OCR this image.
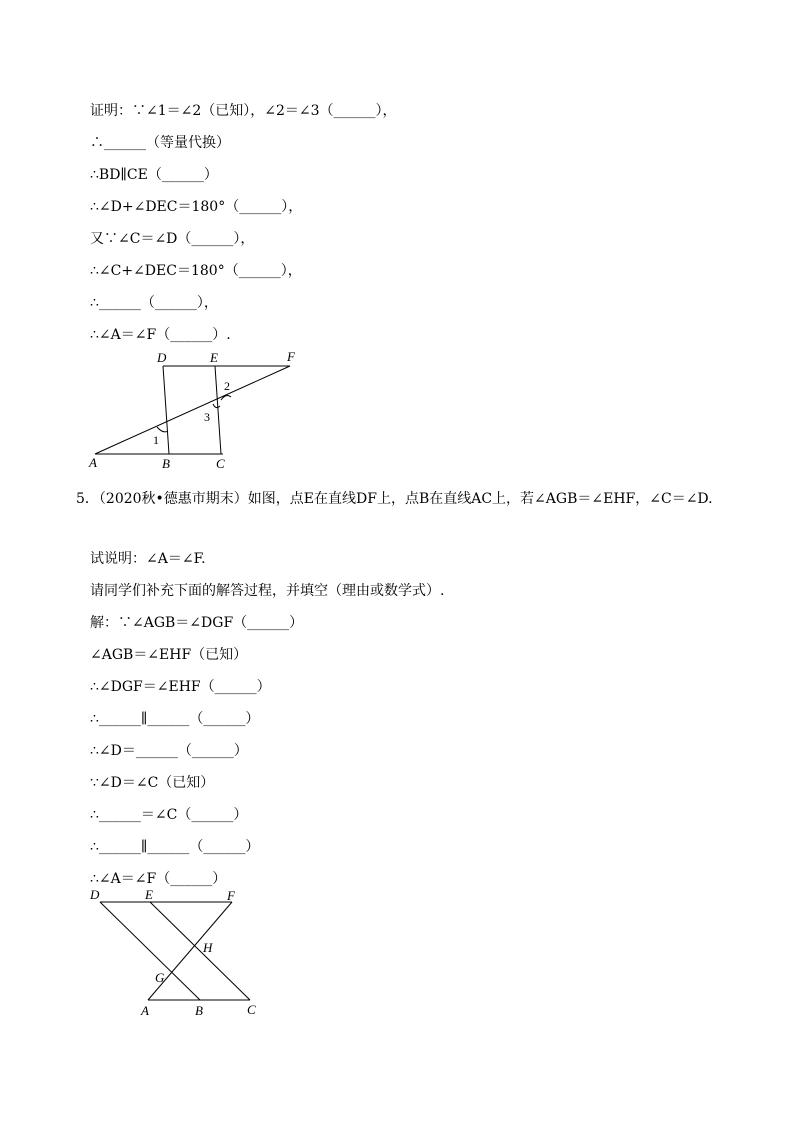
证明：∵∠1＝∠2（已知），∠2＝∠3（______），
∴______（等量代换）
∴BD∥CE（______）
∴∠D+∠DEC＝180°（______），
又∵∠C＝∠D（______），
∴∠C+∠DEC＝180°（______），
∴______（______），
∴∠A＝∠F（______）.
D	E	F
A	B	C
1
2
3
5．（2020秋•德惠市期末）如图，点E在直线DF上，点B在直线AC上，若∠AGB＝∠EHF，∠C＝∠D.
试说明：∠A＝∠F.
请同学们补充下面的解答过程，并填空（理由或数学式）.
解：∵∠AGB＝∠DGF（______）
∠AGB＝∠EHF（已知）
∴∠DGF＝∠EHF（______）
∴______∥______（______）
∴∠D＝______（______）
∵∠D＝∠C（已知）
∴______＝∠C（______）
∴______∥______（______）
∴∠A＝∠F（______）
D	E	F
G
H
A	B	C
